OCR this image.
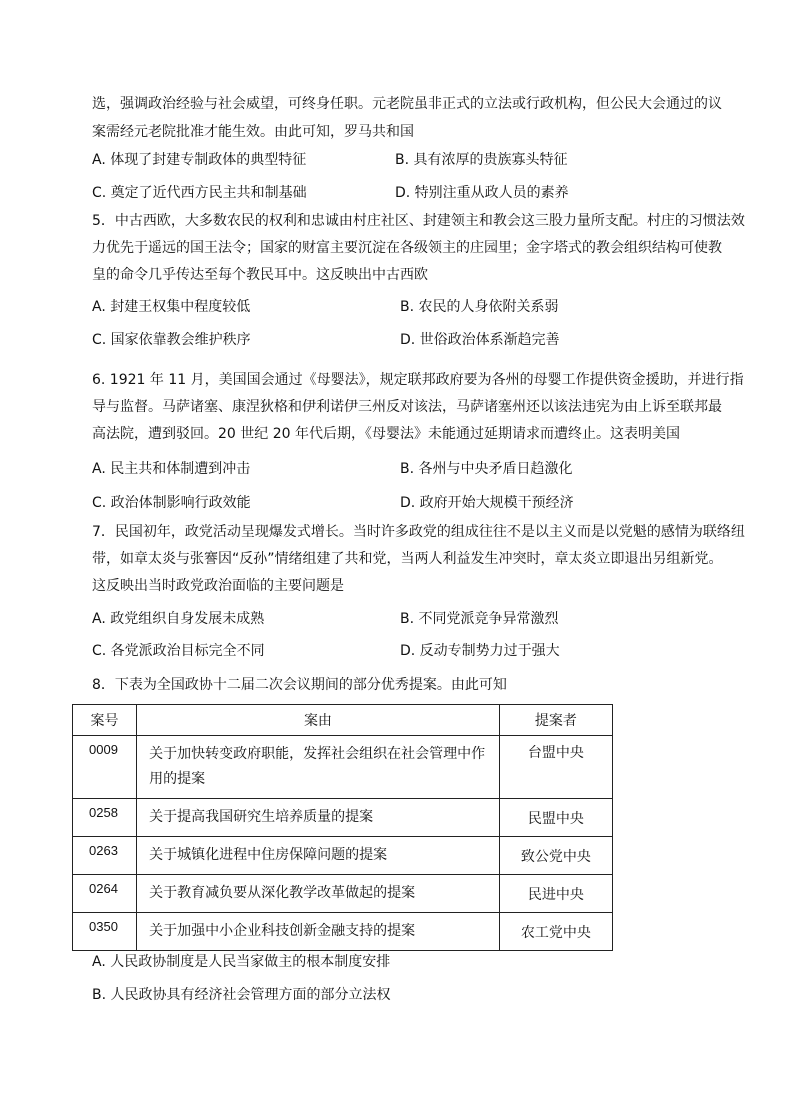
选，强调政治经验与社会威望，可终身任职。元老院虽非正式的立法或行政机构，但公民大会通过的议
案需经元老院批准才能生效。由此可知，罗马共和国
A. 体现了封建专制政体的典型特征	B. 具有浓厚的贵族寡头特征
C. 奠定了近代西方民主共和制基础	D. 特别注重从政人员的素养
5．中古西欧，大多数农民的权利和忠诚由村庄社区、封建领主和教会这三股力量所支配。村庄的习惯法效
力优先于遥远的国王法令；国家的财富主要沉淀在各级领主的庄园里；金字塔式的教会组织结构可使教
皇的命令几乎传达至每个教民耳中。这反映出中古西欧
A. 封建王权集中程度较低	B. 农民的人身依附关系弱
C. 国家依靠教会维护秩序	D. 世俗政治体系渐趋完善
6. 1921 年 11 月，美国国会通过《母婴法》，规定联邦政府要为各州的母婴工作提供资金援助，并进行指
导与监督。马萨诸塞、康涅狄格和伊利诺伊三州反对该法，马萨诸塞州还以该法违宪为由上诉至联邦最
高法院，遭到驳回。20 世纪 20 年代后期，《母婴法》未能通过延期请求而遭终止。这表明美国
A. 民主共和体制遭到冲击	B. 各州与中央矛盾日趋激化
C. 政治体制影响行政效能	D. 政府开始大规模干预经济
7．民国初年，政党活动呈现爆发式增长。当时许多政党的组成往往不是以主义而是以党魁的感情为联络纽
带，如章太炎与张謇因“反孙”情绪组建了共和党，当两人利益发生冲突时，章太炎立即退出另组新党。
这反映出当时政党政治面临的主要问题是
A. 政党组织自身发展未成熟	B. 不同党派竞争异常激烈
C. 各党派政治目标完全不同	D. 反动专制势力过于强大
8．下表为全国政协十二届二次会议期间的部分优秀提案。由此可知
案号	案由	提案者
0009	关于加快转变政府职能，发挥社会组织在社会管理中作用的提案	台盟中央
0258	关于提高我国研究生培养质量的提案	民盟中央
0263	关于城镇化进程中住房保障问题的提案	致公党中央
0264	关于教育减负要从深化教学改革做起的提案	民进中央
0350	关于加强中小企业科技创新金融支持的提案	农工党中央
A. 人民政协制度是人民当家做主的根本制度安排
B. 人民政协具有经济社会管理方面的部分立法权
